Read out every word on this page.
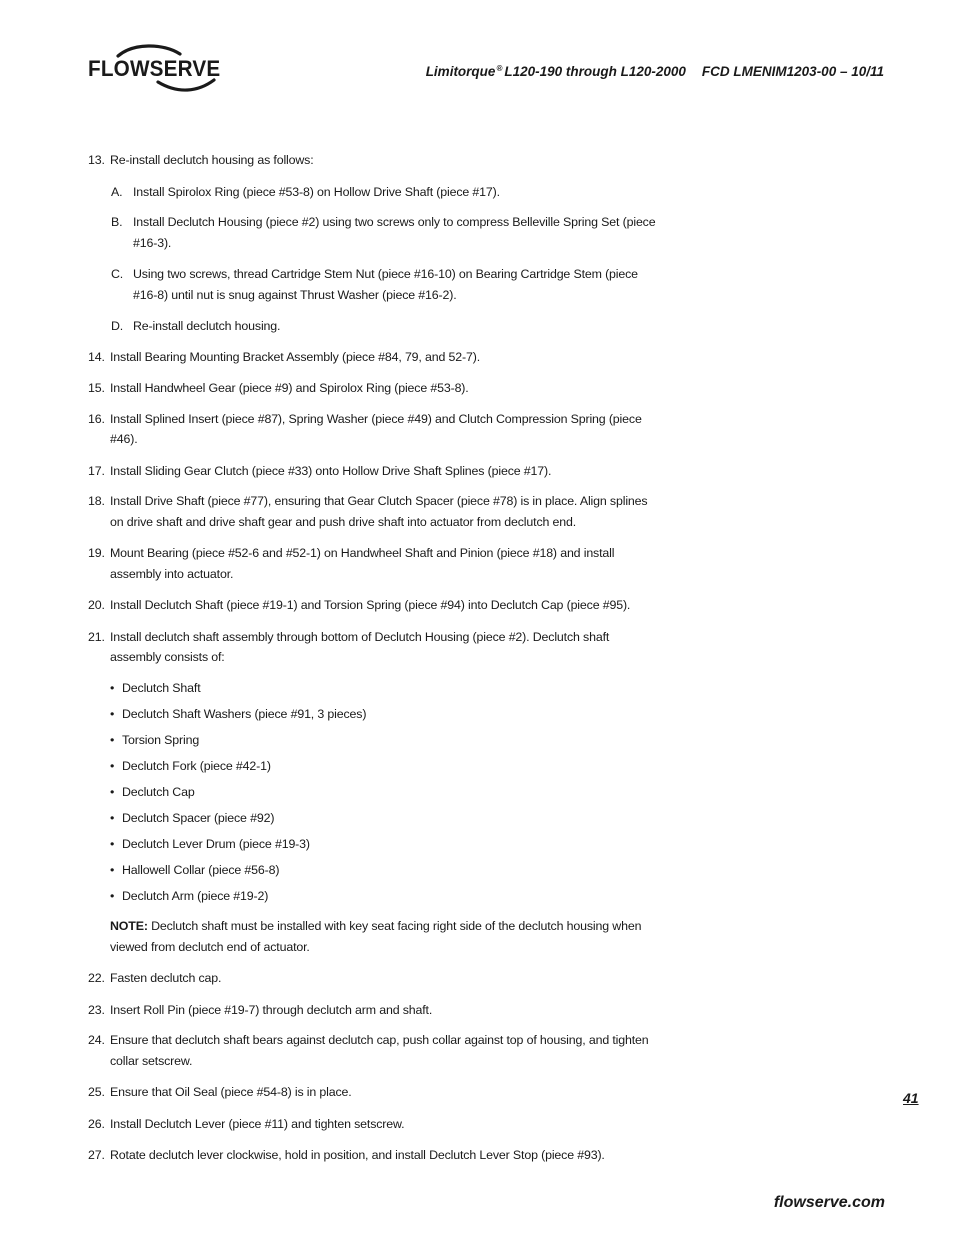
FLOWSERVE	Limitorque® L120-190 through L120-2000 FCD LMENIM1203-00 – 10/11
13. Re-install declutch housing as follows:
A. Install Spirolox Ring (piece #53-8) on Hollow Drive Shaft (piece #17).
B. Install Declutch Housing (piece #2) using two screws only to compress Belleville Spring Set (piece #16-3).
C. Using two screws, thread Cartridge Stem Nut (piece #16-10) on Bearing Cartridge Stem (piece #16-8) until nut is snug against Thrust Washer (piece #16-2).
D. Re-install declutch housing.
14. Install Bearing Mounting Bracket Assembly (piece #84, 79, and 52-7).
15. Install Handwheel Gear (piece #9) and Spirolox Ring (piece #53-8).
16. Install Splined Insert (piece #87), Spring Washer (piece #49) and Clutch Compression Spring (piece #46).
17. Install Sliding Gear Clutch (piece #33) onto Hollow Drive Shaft Splines (piece #17).
18. Install Drive Shaft (piece #77), ensuring that Gear Clutch Spacer (piece #78) is in place. Align splines on drive shaft and drive shaft gear and push drive shaft into actuator from declutch end.
19. Mount Bearing (piece #52-6 and #52-1) on Handwheel Shaft and Pinion (piece #18) and install assembly into actuator.
20. Install Declutch Shaft (piece #19-1) and Torsion Spring (piece #94) into Declutch Cap (piece #95).
21. Install declutch shaft assembly through bottom of Declutch Housing (piece #2). Declutch shaft assembly consists of:
• Declutch Shaft
• Declutch Shaft Washers (piece #91, 3 pieces)
• Torsion Spring
• Declutch Fork (piece #42-1)
• Declutch Cap
• Declutch Spacer (piece #92)
• Declutch Lever Drum (piece #19-3)
• Hallowell Collar (piece #56-8)
• Declutch Arm (piece #19-2)
NOTE: Declutch shaft must be installed with key seat facing right side of the declutch housing when viewed from declutch end of actuator.
22. Fasten declutch cap.
23. Insert Roll Pin (piece #19-7) through declutch arm and shaft.
24. Ensure that declutch shaft bears against declutch cap, push collar against top of housing, and tighten collar setscrew.
25. Ensure that Oil Seal (piece #54-8) is in place.
26. Install Declutch Lever (piece #11) and tighten setscrew.
27. Rotate declutch lever clockwise, hold in position, and install Declutch Lever Stop (piece #93).
41
flowserve.com
